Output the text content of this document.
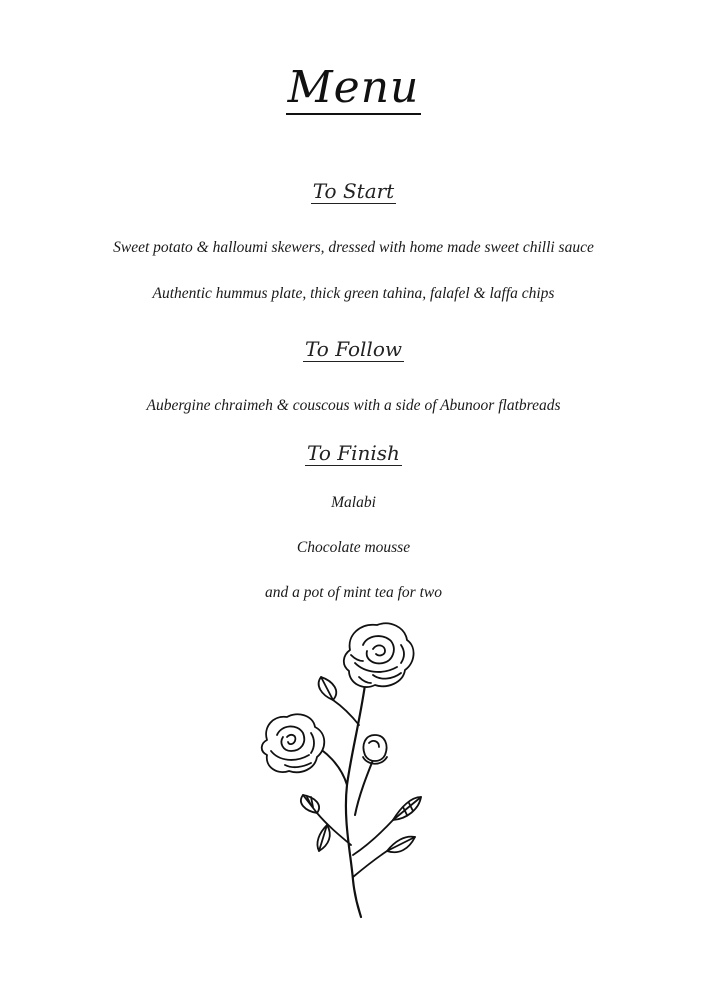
Menu
To Start
Sweet potato & halloumi skewers, dressed with home made sweet chilli sauce
Authentic hummus plate, thick green tahina, falafel & laffa chips
To Follow
Aubergine chraimeh & couscous with a side of Abunoor flatbreads
To Finish
Malabi
Chocolate mousse
and a pot of mint tea for two
